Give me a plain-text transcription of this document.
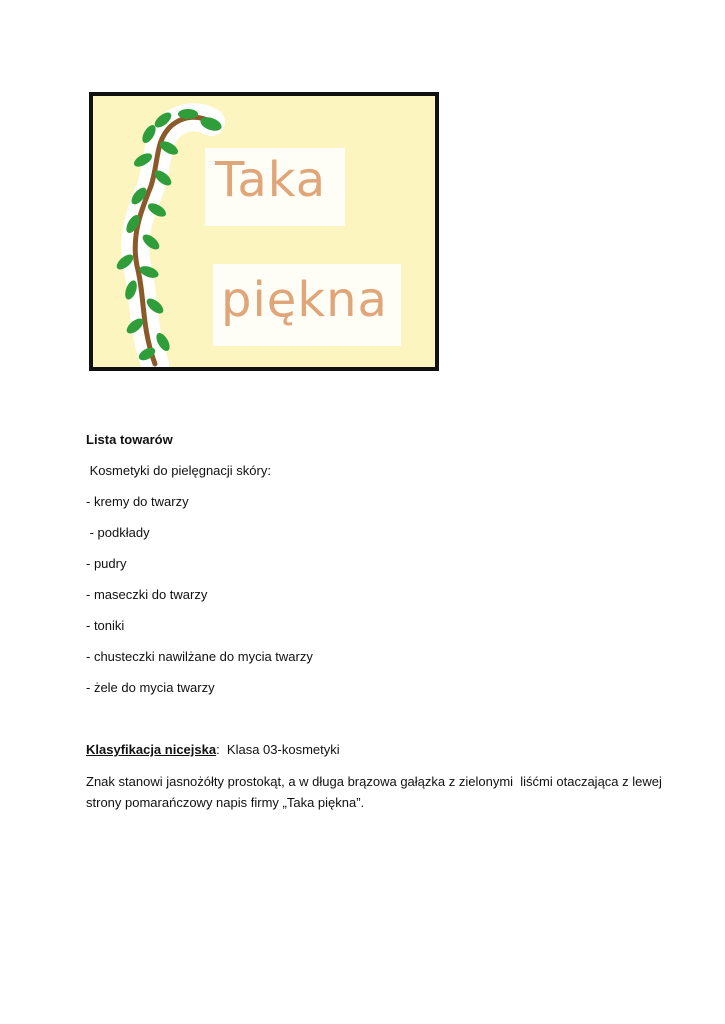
Taka
piękna
Lista towarów
Kosmetyki do pielęgnacji skóry:
- kremy do twarzy
- podkłady
- pudry
- maseczki do twarzy
- toniki
- chusteczki nawilżane do mycia twarzy
- żele do mycia twarzy
Klasyfikacja nicejska:  Klasa 03-kosmetyki
Znak stanowi jasnożółty prostokąt, a w długa brązowa gałązka z zielonymi  liśćmi otaczająca z lewej
strony pomarańczowy napis firmy „Taka piękna”.
